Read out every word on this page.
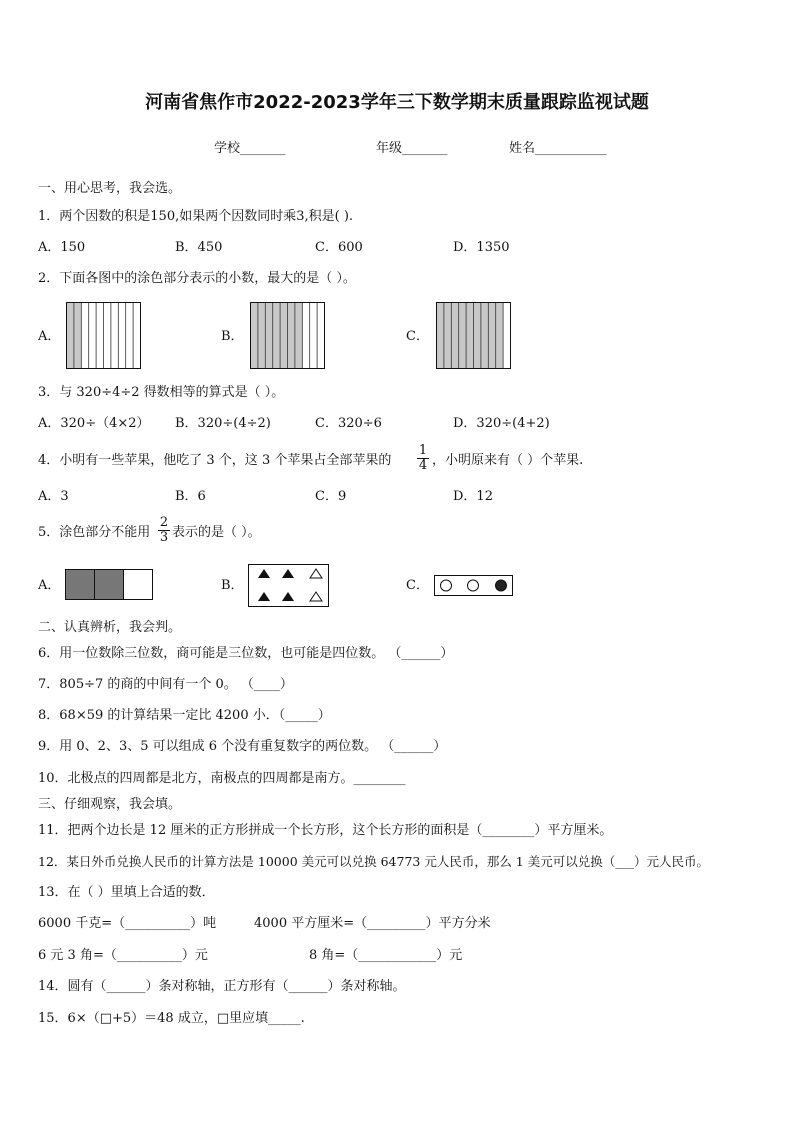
河南省焦作市2022-2023学年三下数学期末质量跟踪监视试题
学校_______	年级_______	姓名___________
一、用心思考，我会选。
1．两个因数的积是150,如果两个因数同时乘3,积是( ).
A．150	B．450	C．600	D．1350
2．下面各图中的涂色部分表示的小数，最大的是（ ）。
A．	B．	C．
3．与 320÷4÷2 得数相等的算式是（ ）。
A．320÷（4×2） B．320÷(4÷2)	C．320÷6	D．320÷(4+2)
4．小明有一些苹果，他吃了 3 个，这 3 个苹果占全部苹果的 $\frac{1}{4}$ ，小明原来有（ ）个苹果.
A．3	B．6	C．9	D．12
5．涂色部分不能用 $\frac{2}{3}$ 表示的是（ ）。
A．	B．	C．
二、认真辨析，我会判。
6．用一位数除三位数，商可能是三位数，也可能是四位数。 （______）
7．805÷7 的商的中间有一个 0。 （____）
8．68×59 的计算结果一定比 4200 小．（_____）
9．用 0、2、3、5 可以组成 6 个没有重复数字的两位数。 （______）
10．北极点的四周都是北方，南极点的四周都是南方。________
三、仔细观察，我会填。
11．把两个边长是 12 厘米的正方形拼成一个长方形，这个长方形的面积是（________）平方厘米。
12．某日外币兑换人民币的计算方法是 10000 美元可以兑换 64773 元人民币，那么 1 美元可以兑换（___）元人民币。
13．在（ ）里填上合适的数．
6000 千克=（__________）吨	4000 平方厘米=（_________）平方分米
6 元 3 角=（__________）元	8 角=（____________）元
14．圆有（______）条对称轴，正方形有（______）条对称轴。
15．6×（□+5）＝48 成立，□里应填_____.
